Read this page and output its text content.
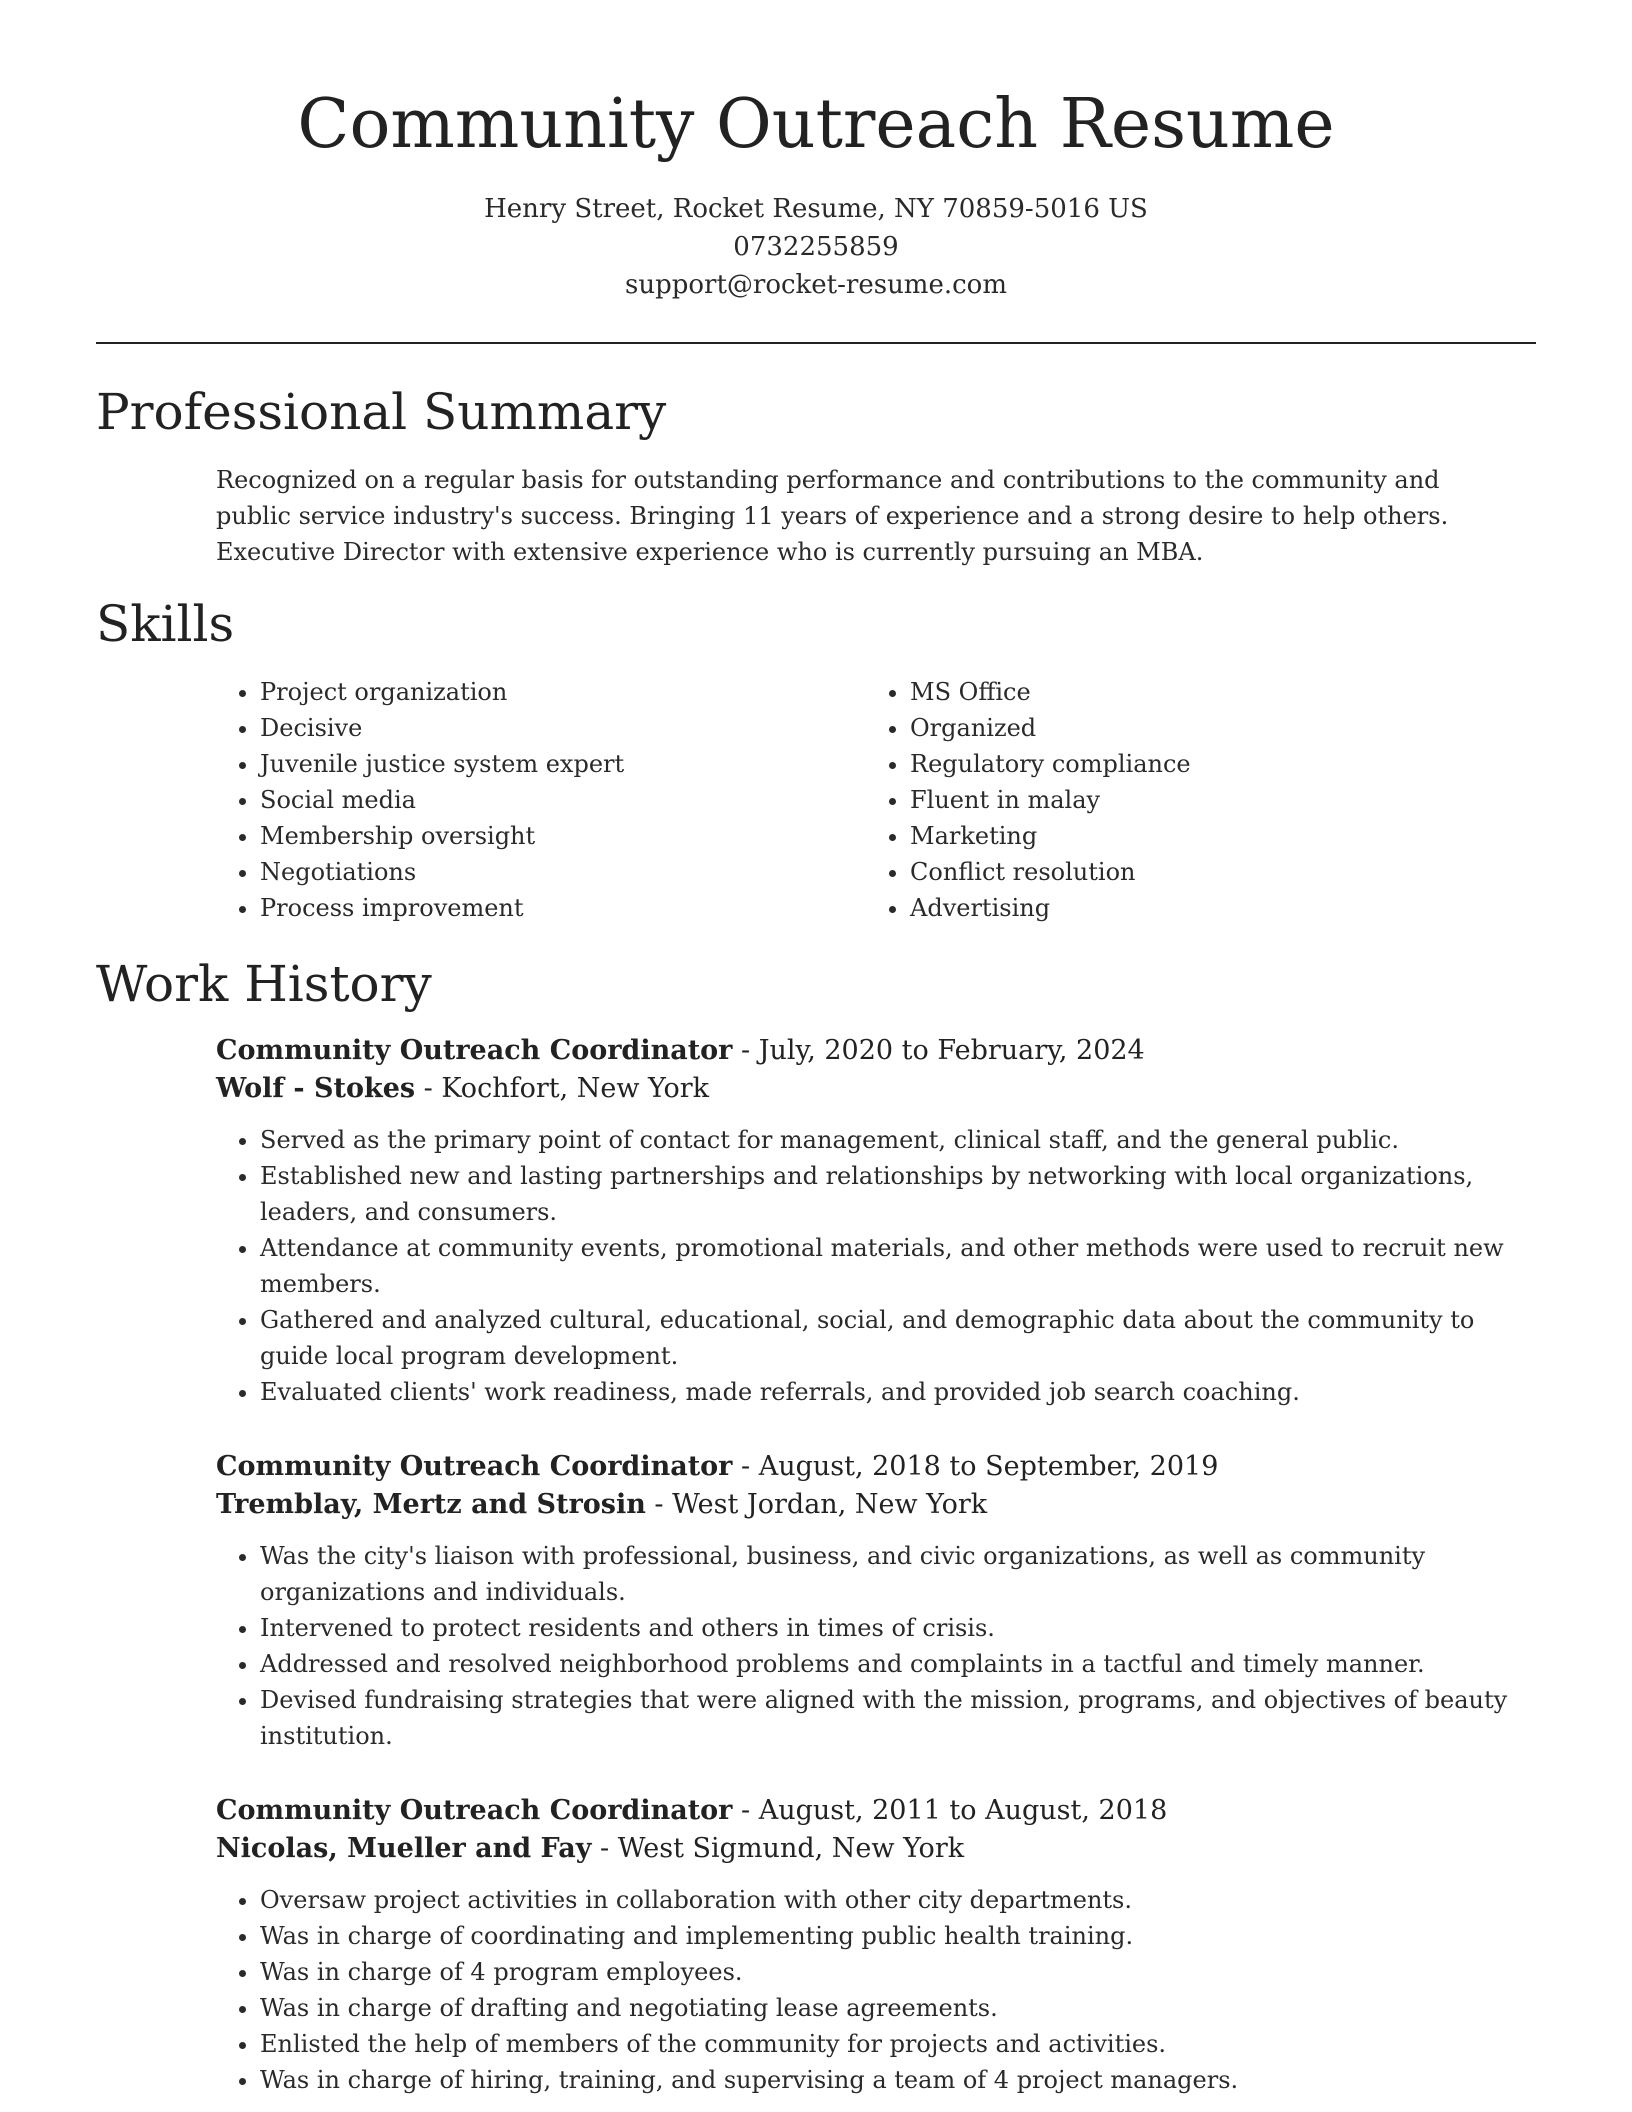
Community Outreach Resume
Henry Street, Rocket Resume, NY 70859-5016 US
0732255859
support@rocket-resume.com
Professional Summary

Recognized on a regular basis for outstanding performance and contributions to the community and public service industry's success. Bringing 11 years of experience and a strong desire to help others. Executive Director with extensive experience who is currently pursuing an MBA.

Skills
• Project organization
• Decisive
• Juvenile justice system expert
• Social media
• Membership oversight
• Negotiations
• Process improvement
• MS Office
• Organized
• Regulatory compliance
• Fluent in malay
• Marketing
• Conflict resolution
• Advertising
Work History
Community Outreach Coordinator - July, 2020 to February, 2024
Wolf - Stokes - Kochfort, New York
• Served as the primary point of contact for management, clinical staff, and the general public.
• Established new and lasting partnerships and relationships by networking with local organizations, leaders, and consumers.
• Attendance at community events, promotional materials, and other methods were used to recruit new members.
• Gathered and analyzed cultural, educational, social, and demographic data about the community to guide local program development.
• Evaluated clients' work readiness, made referrals, and provided job search coaching.
Community Outreach Coordinator - August, 2018 to September, 2019
Tremblay, Mertz and Strosin - West Jordan, New York
• Was the city's liaison with professional, business, and civic organizations, as well as community organizations and individuals.
• Intervened to protect residents and others in times of crisis.
• Addressed and resolved neighborhood problems and complaints in a tactful and timely manner.
• Devised fundraising strategies that were aligned with the mission, programs, and objectives of beauty institution.
Community Outreach Coordinator - August, 2011 to August, 2018
Nicolas, Mueller and Fay - West Sigmund, New York
• Oversaw project activities in collaboration with other city departments.
• Was in charge of coordinating and implementing public health training.
• Was in charge of 4 program employees.
• Was in charge of drafting and negotiating lease agreements.
• Enlisted the help of members of the community for projects and activities.
• Was in charge of hiring, training, and supervising a team of 4 project managers.
